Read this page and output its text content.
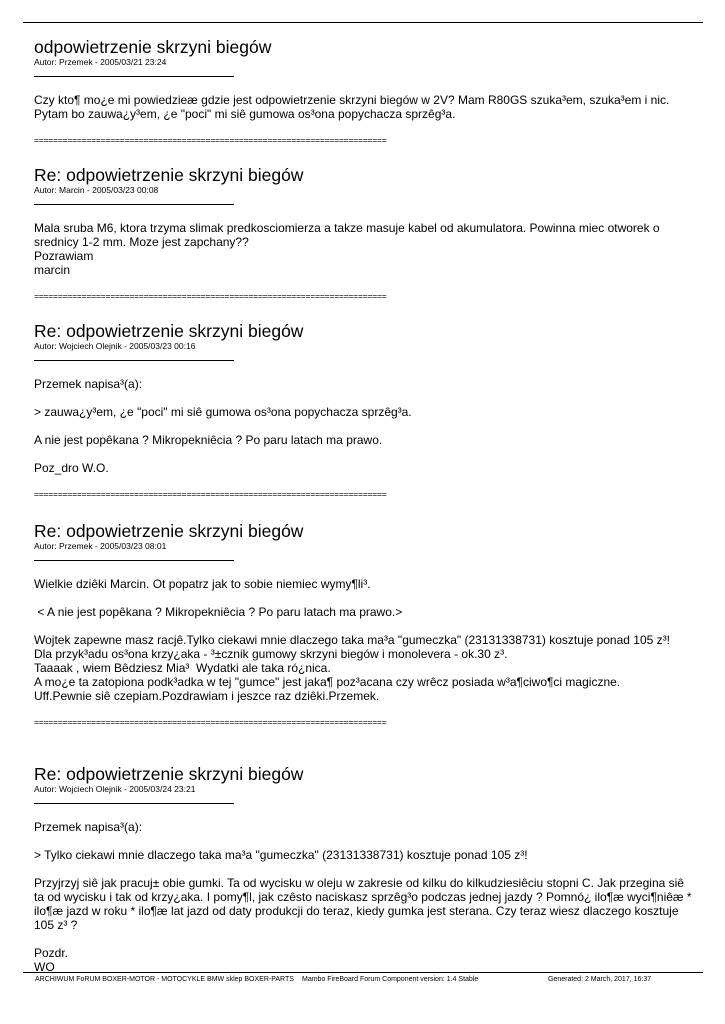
odpowietrzenie skrzyni biegów
Autor: Przemek - 2005/03/21 23:24

Czy kto¶ mo¿e mi powiedzieæ gdzie jest odpowietrzenie skrzyni biegów w 2V? Mam R80GS szuka³em, szuka³em i nic. Pytam bo zauwa¿y³em, ¿e "poci" mi siê gumowa os³ona popychacza sprzêg³a.

==========================================================================
Re: odpowietrzenie skrzyni biegów
Autor: Marcin - 2005/03/23 00:08

Mala sruba M6, ktora trzyma slimak predkosciomierza a takze masuje kabel od akumulatora. Powinna miec otworek o srednicy 1-2 mm. Moze jest zapchany??
Pozrawiam
marcin

==========================================================================
Re: odpowietrzenie skrzyni biegów
Autor: Wojciech Olejnik - 2005/03/23 00:16

Przemek napisa³(a):

> zauwa¿y³em, ¿e "poci" mi siê gumowa os³ona popychacza sprzêg³a.

A nie jest popêkana ? Mikropekniêcia ? Po paru latach ma prawo.

Poz_dro W.O.

==========================================================================
Re: odpowietrzenie skrzyni biegów
Autor: Przemek - 2005/03/23 08:01

Wielkie dziêki Marcin. Ot popatrz jak to sobie niemiec wymy¶li³.

< A nie jest popêkana ? Mikropekniêcia ? Po paru latach ma prawo.>

Wojtek zapewne masz racjê.Tylko ciekawi mnie dlaczego taka ma³a "gumeczka" (23131338731) kosztuje ponad 105 z³!
Dla przyk³adu os³ona krzy¿aka - ³±cznik gumowy skrzyni biegów i monolevera - ok.30 z³.
Taaaak , wiem Bêdziesz Mia³  Wydatki ale taka ró¿nica.
A mo¿e ta zatopiona podk³adka w tej "gumce" jest jaka¶ poz³acana czy wrêcz posiada w³a¶ciwo¶ci magiczne.
Uff.Pewnie siê czepiam.Pozdrawiam i jeszce raz dziêki.Przemek.

==========================================================================
Re: odpowietrzenie skrzyni biegów
Autor: Wojciech Olejnik - 2005/03/24 23:21

Przemek napisa³(a):

> Tylko ciekawi mnie dlaczego taka ma³a "gumeczka" (23131338731) kosztuje ponad 105 z³!

Przyjrzyj siê jak pracuj± obie gumki. Ta od wycisku w oleju w zakresie od kilku do kilkudziesiêciu stopni C. Jak przegina siê ta od wycisku i tak od krzy¿aka. I pomy¶l, jak czêsto naciskasz sprzêg³o podczas jednej jazdy ? Pomnó¿ ilo¶æ wyci¶niêæ * ilo¶æ jazd w roku * ilo¶æ lat jazd od daty produkcji do teraz, kiedy gumka jest sterana. Czy teraz wiesz dlaczego kosztuje 105 z³ ?

Pozdr.
WO

ARCHIWUM FoRUM BOXER-MOTOR - MOTOCYKLE BMW sklep BOXER-PARTS Mambo FireBoard Forum Component version: 1.4 Stable	Generated: 2 March, 2017, 16:37
